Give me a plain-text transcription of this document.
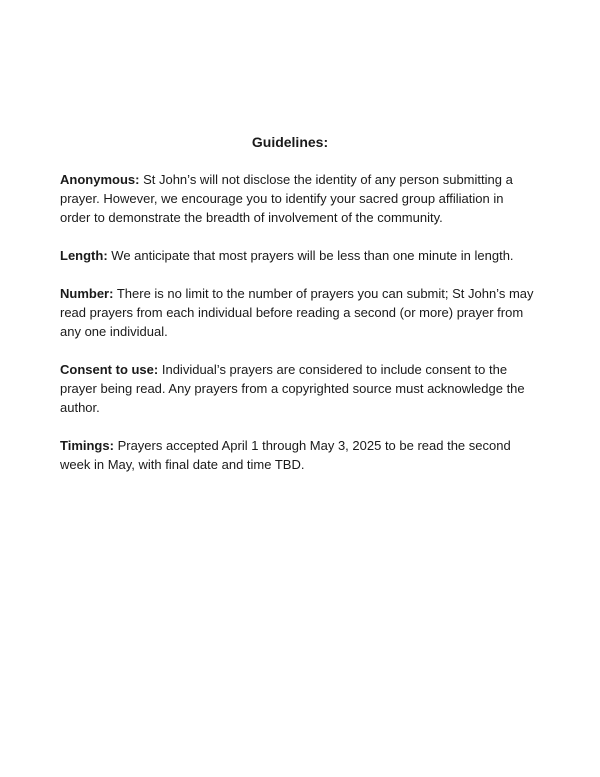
Guidelines:

Anonymous: St John’s will not disclose the identity of any person submitting a prayer. However, we encourage you to identify your sacred group affiliation in order to demonstrate the breadth of involvement of the community.

Length: We anticipate that most prayers will be less than one minute in length.

Number: There is no limit to the number of prayers you can submit; St John’s may read prayers from each individual before reading a second (or more) prayer from any one individual.

Consent to use: Individual’s prayers are considered to include consent to the prayer being read. Any prayers from a copyrighted source must acknowledge the author.

Timings: Prayers accepted April 1 through May 3, 2025 to be read the second week in May, with final date and time TBD.
